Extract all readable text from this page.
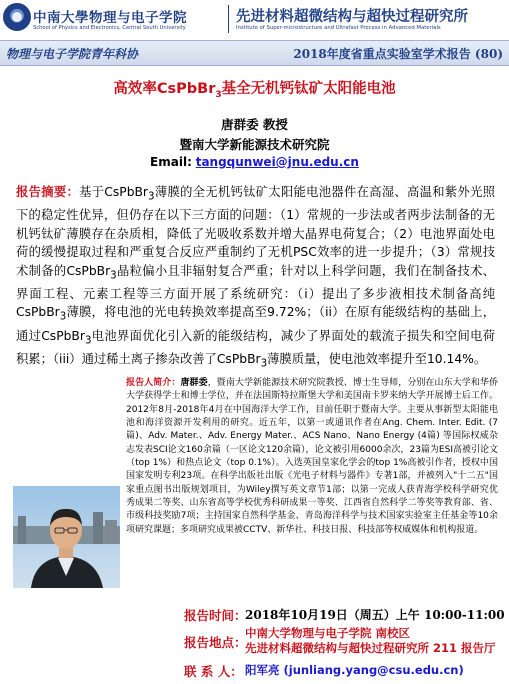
中南大學物理与电子学院
School of Physics and Electronics, Central South University
先进材料超微结构与超快过程研究所
Institute of Super-microstructure and Ultrafast Process in Advanced Materials
物理与电子学院青年科协	2018年度省重点实验室学术报告 (80)
高效率CsPbBr$_3$基全无机钙钛矿太阳能电池
唐群委 教授
暨南大学新能源技术研究院
Email: tangqunwei@jnu.edu.cn

报告摘要：基于CsPbBr$_3$薄膜的全无机钙钛矿太阳能电池器件在高湿、高温和紫外光照下的稳定性优异，但仍存在以下三方面的问题：（1）常规的一步法或者两步法制备的无机钙钛矿薄膜存在杂质相，降低了光吸收系数并增大晶界电荷复合；（2）电池界面处电荷的缓慢提取过程和严重复合反应严重制约了无机PSC效率的进一步提升；（3）常规技术制备的CsPbBr$_3$晶粒偏小且非辐射复合严重；针对以上科学问题，我们在制备技术、界面工程、元素工程等三方面开展了系统研究：（i）提出了多步液相技术制备高纯CsPbBr$_3$薄膜，将电池的光电转换效率提高至9.72%；（ii）在原有能级结构的基础上，通过CsPbBr$_3$电池界面优化引入新的能级结构，减少了界面处的载流子损失和空间电荷积累；（iii）通过稀土离子掺杂改善了CsPbBr$_3$薄膜质量，使电池效率提升至10.14%。

报告人简介：唐群委，暨南大学新能源技术研究院教授、博士生导师，分别在山东大学和华侨大学获得学士和博士学位，并在法国斯特拉斯堡大学和美国南卡罗来纳大学开展博士后工作。2012年8月-2018年4月在中国海洋大学工作，目前任职于暨南大学。主要从事新型太阳能电池和海洋资源开发利用的研究。近五年，以第一或通讯作者在Ang. Chem. Inter. Edit. (7篇)、Adv. Mater.、Adv. Energy Mater.、ACS Nano、Nano Energy (4篇) 等国际权威杂志发表SCI论文160余篇（一区论文120余篇），论文被引用6000余次，23篇为ESI高被引论文（top 1%）和热点论文（top 0.1%）。入选英国皇家化学会的top 1%高被引作者，授权中国国家发明专利23项。在科学出版社出版《光电子材料与器件》专著1部，并被列入"十二五"国家重点图书出版规划项目，为Wiley撰写英文章节1部；以第一完成人获青海学校科学研究优秀成果二等奖、山东省高等学校优秀科研成果一等奖、江西省自然科学二等奖等教育部、省、市级科技奖励7项；主持国家自然科学基金、青岛海洋科学与技术国家实验室主任基金等10余项研究课题；多项研究成果被CCTV、新华社、科技日报、科技部等权威媒体和机构报道。

报告时间：
2018年10月19日（周五）上午 10:00-11:00
报告地点：
中南大学物理与电子学院 南校区
先进材料超微结构与超快过程研究所 211 报告厅
联 系 人： 阳军亮 (junliang.yang@csu.edu.cn)
